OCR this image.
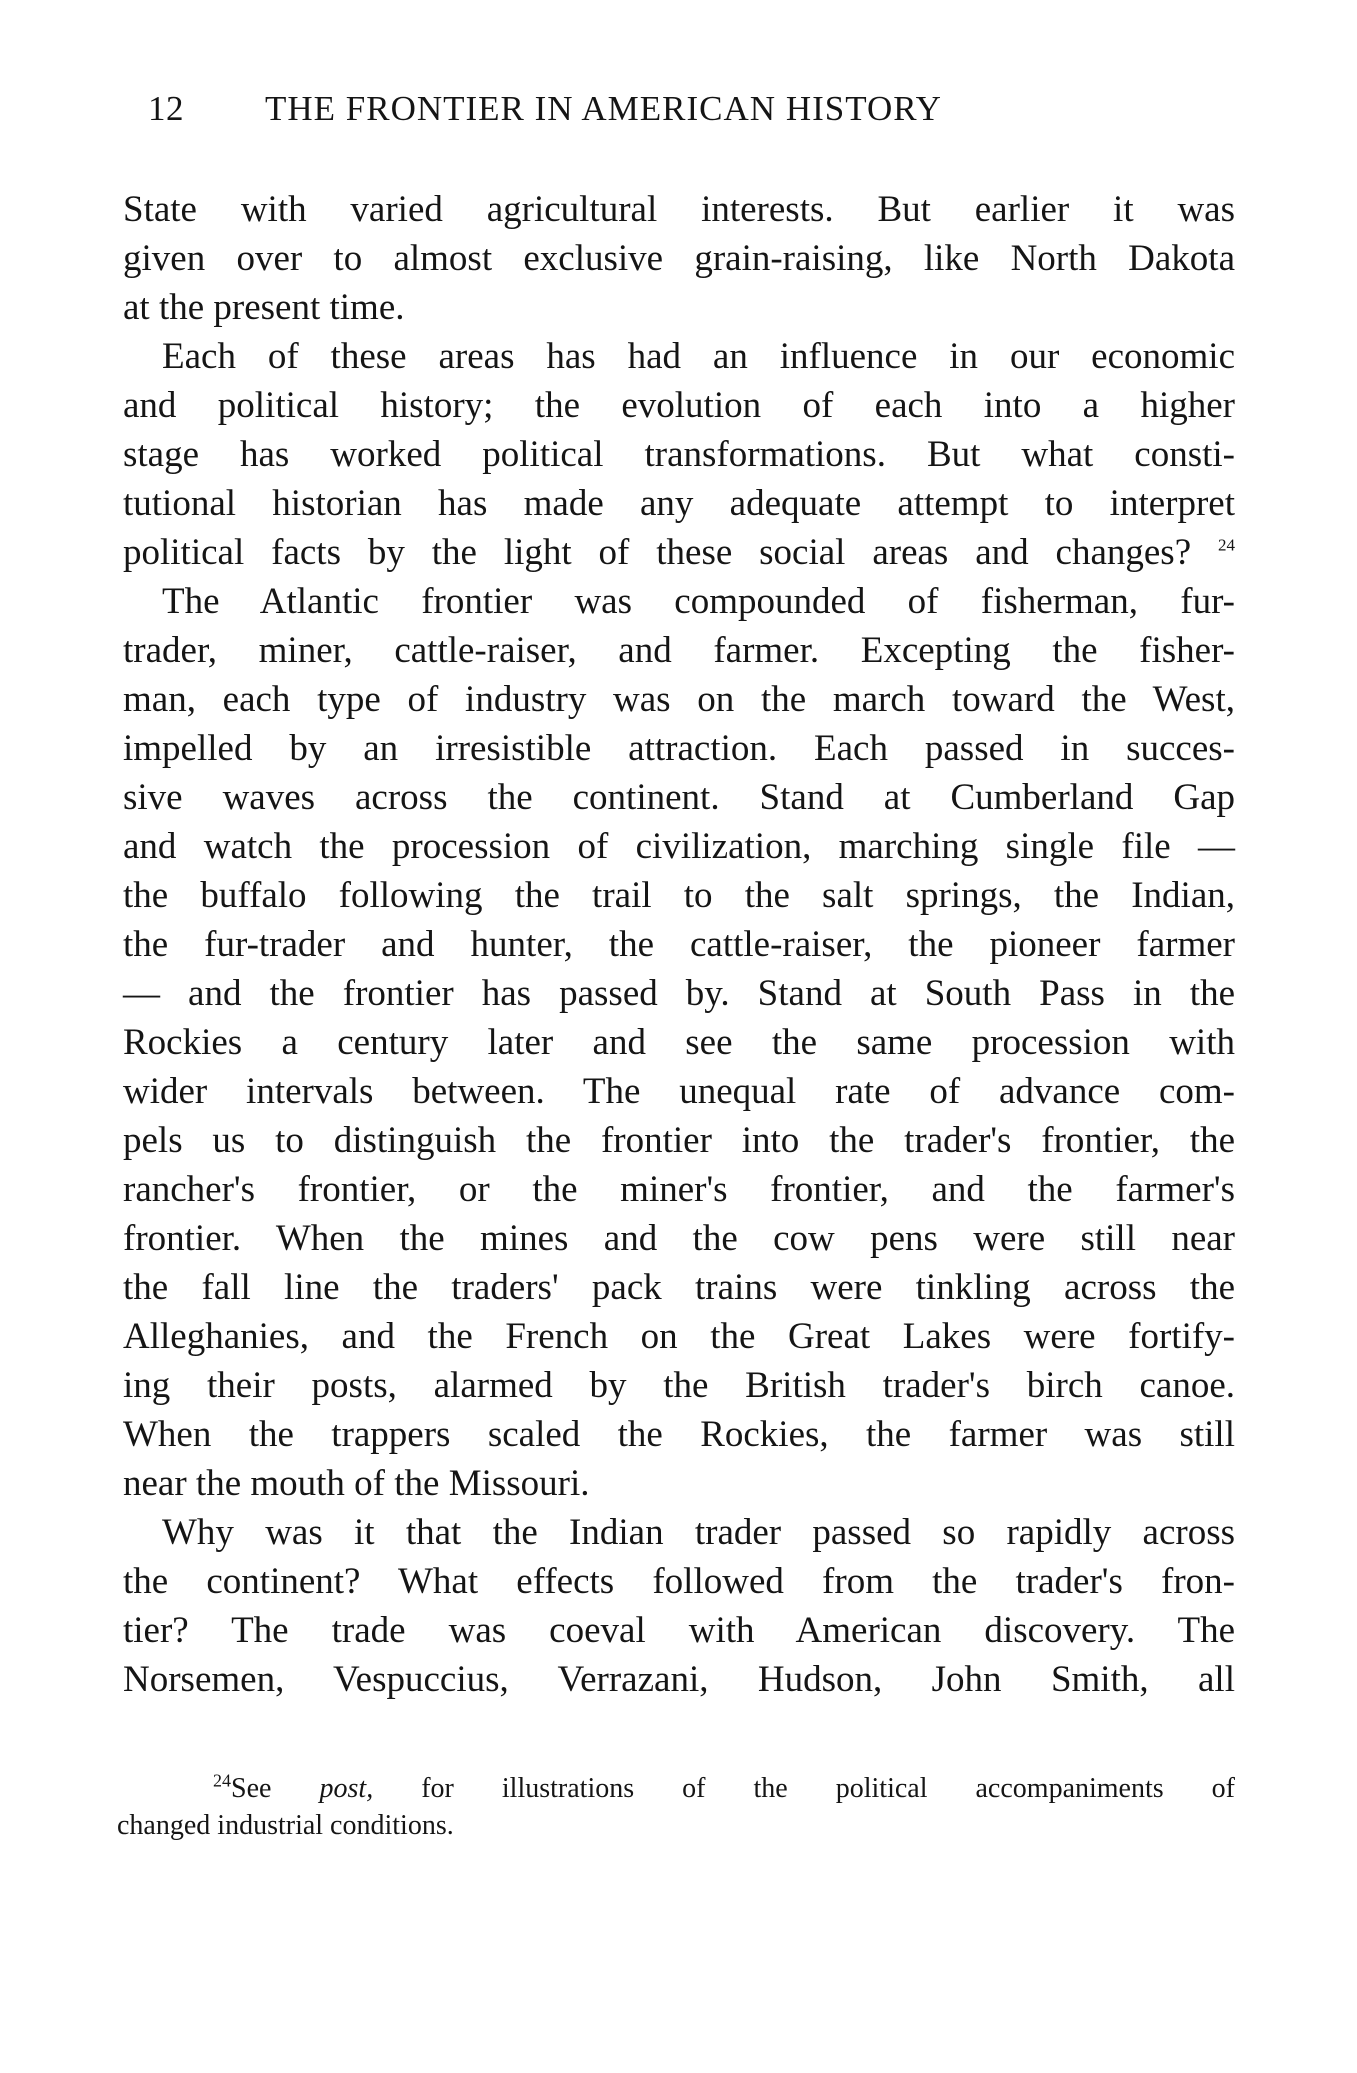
12 THE FRONTIER IN AMERICAN HISTORY
State with varied agricultural interests. But earlier it was
given over to almost exclusive grain-raising, like North Dakota
at the present time.
Each of these areas has had an influence in our economic
and political history; the evolution of each into a higher
stage has worked political transformations. But what consti-
tutional historian has made any adequate attempt to interpret
political facts by the light of these social areas and changes? $^{24}$
The Atlantic frontier was compounded of fisherman, fur-
trader, miner, cattle-raiser, and farmer. Excepting the fisher-
man, each type of industry was on the march toward the West,
impelled by an irresistible attraction. Each passed in succes-
sive waves across the continent. Stand at Cumberland Gap
and watch the procession of civilization, marching single file —
the buffalo following the trail to the salt springs, the Indian,
the fur-trader and hunter, the cattle-raiser, the pioneer farmer
— and the frontier has passed by. Stand at South Pass in the
Rockies a century later and see the same procession with
wider intervals between. The unequal rate of advance com-
pels us to distinguish the frontier into the trader's frontier, the
rancher's frontier, or the miner's frontier, and the farmer's
frontier. When the mines and the cow pens were still near
the fall line the traders' pack trains were tinkling across the
Alleghanies, and the French on the Great Lakes were fortify-
ing their posts, alarmed by the British trader's birch canoe.
When the trappers scaled the Rockies, the farmer was still
near the mouth of the Missouri.
Why was it that the Indian trader passed so rapidly across
the continent? What effects followed from the trader's fron-
tier? The trade was coeval with American discovery. The
Norsemen, Vespuccius, Verrazani, Hudson, John Smith, all
$^{24}$See post, for illustrations of the political accompaniments of
changed industrial conditions.
